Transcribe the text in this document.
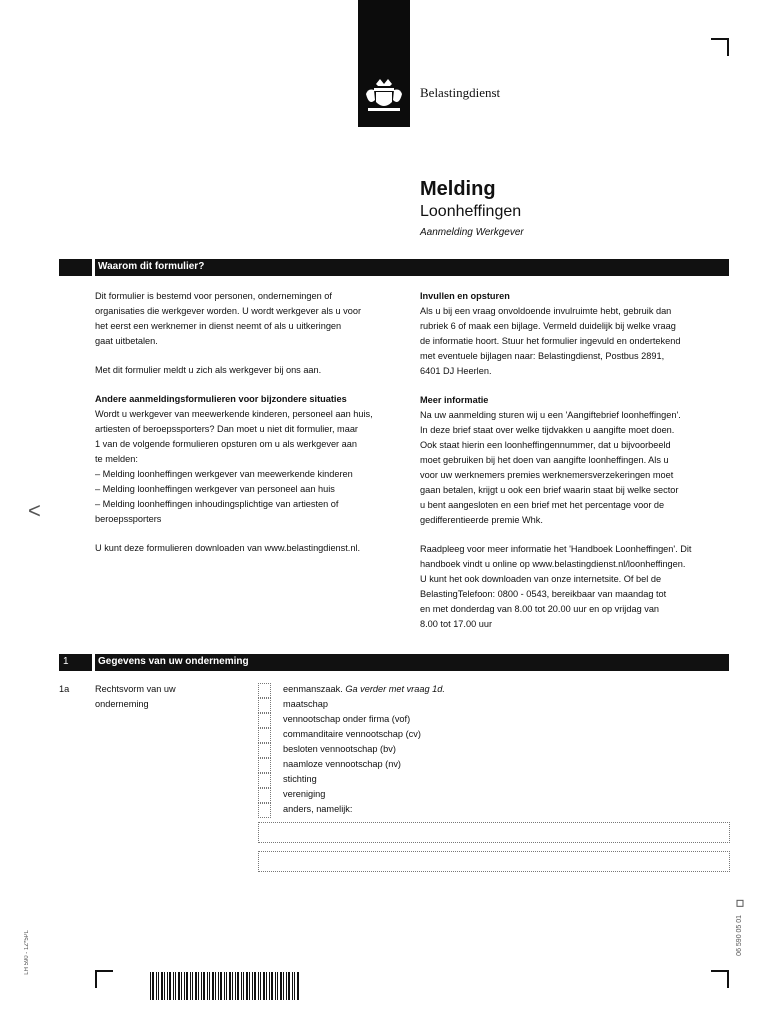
Belastingdienst
Melding
Loonheffingen
Aanmelding Werkgever
Waarom dit formulier?

Dit formulier is bestemd voor personen, ondernemingen of

organisaties die werkgever worden. U wordt werkgever als u voor

het eerst een werknemer in dienst neemt of als u uitkeringen

gaat uitbetalen.

Met dit formulier meldt u zich als werkgever bij ons aan.

Andere aanmeldingsformulieren voor bijzondere situaties

Wordt u werkgever van meewerkende kinderen, personeel aan huis,

artiesten of beroepssporters? Dan moet u niet dit formulier, maar

1 van de volgende formulieren opsturen om u als werkgever aan

te melden:

– Melding loonheffingen werkgever van meewerkende kinderen

– Melding loonheffingen werkgever van personeel aan huis

– Melding loonheffingen inhoudingsplichtige van artiesten of

beroepssporters

U kunt deze formulieren downloaden van www.belastingdienst.nl.

Invullen en opsturen

Als u bij een vraag onvoldoende invulruimte hebt, gebruik dan

rubriek 6 of maak een bijlage. Vermeld duidelijk bij welke vraag

de informatie hoort. Stuur het formulier ingevuld en ondertekend

met eventuele bijlagen naar: Belastingdienst, Postbus 2891,

6401 DJ Heerlen.

Meer informatie

Na uw aanmelding sturen wij u een 'Aangiftebrief loonheffingen'.

In deze brief staat over welke tijdvakken u aangifte moet doen.

Ook staat hierin een loonheffingennummer, dat u bijvoorbeeld

moet gebruiken bij het doen van aangifte loonheffingen. Als u

voor uw werknemers premies werknemersverzekeringen moet

gaan betalen, krijgt u ook een brief waarin staat bij welke sector

u bent aangesloten en een brief met het percentage voor de

gedifferentieerde premie Whk.

Raadpleeg voor meer informatie het 'Handboek Loonheffingen'. Dit

handboek vindt u online op www.belastingdienst.nl/loonheffingen.

U kunt het ook downloaden van onze internetsite. Of bel de

BelastingTelefoon: 0800 - 0543, bereikbaar van maandag tot

en met donderdag van 8.00 tot 20.00 uur en op vrijdag van

8.00 tot 17.00 uur

<
1	Gegevens van uw onderneming
1a	Rechtsvorm van uw

onderneming

eenmanszaak. Ga verder met vraag 1d.
maatschap
vennootschap onder firma (vof)
commanditaire vennootschap (cv)
besloten vennootschap (bv)
naamloze vennootschap (nv)
stichting
vereniging
anders, namelijk:
06 590 05 01
LH 590 - 1Z*5PL
